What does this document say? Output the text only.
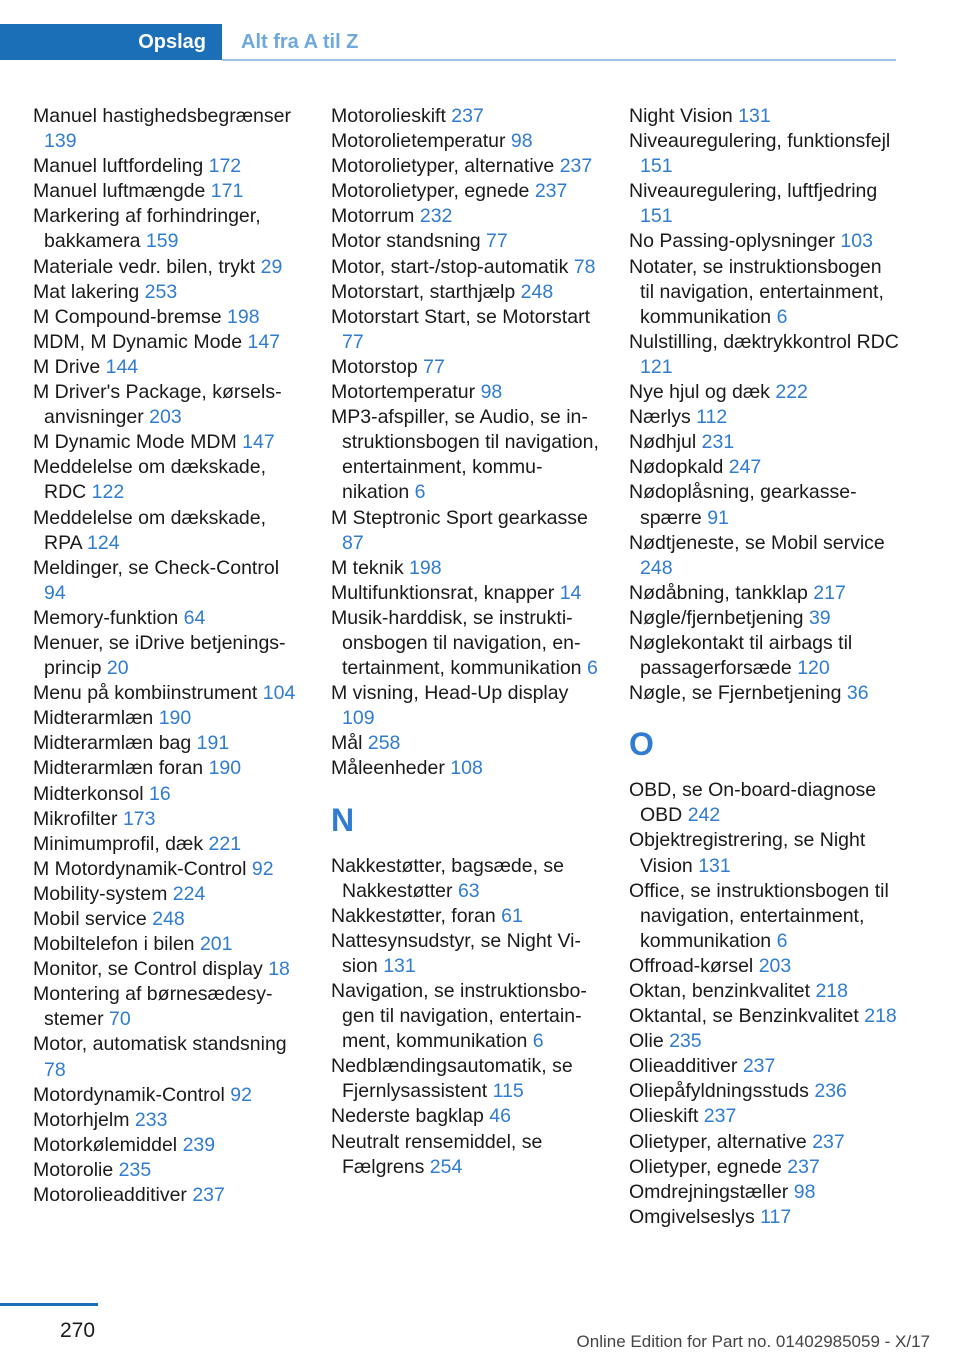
Opslag	Alt fra A til Z
Manuel hastighedsbegrænser 139
Manuel luftfordeling 172
Manuel luftmængde 171
Markering af forhindringer, bakkamera 159
Materiale vedr. bilen, trykt 29
Mat lakering 253
M Compound-bremse 198
MDM, M Dynamic Mode 147
M Drive 144
M Driver's Package, kørselsanvisninger 203
M Dynamic Mode MDM 147
Meddelelse om dækskade, RDC 122
Meddelelse om dækskade, RPA 124
Meldinger, se Check-Control 94
Memory-funktion 64
Menuer, se iDrive betjeningsprincip 20
Menu på kombiinstrument 104
Midterarmlæn 190
Midterarmlæn bag 191
Midterarmlæn foran 190
Midterkonsol 16
Mikrofilter 173
Minimumprofil, dæk 221
M Motordynamik-Control 92
Mobility-system 224
Mobil service 248
Mobiltelefon i bilen 201
Monitor, se Control display 18
Montering af børnesædesystemer 70
Motor, automatisk standsning 78
Motordynamik-Control 92
Motorhjelm 233
Motorkølemiddel 239
Motorolie 235
Motorolieadditiver 237
Motorolieskift 237
Motorolietemperatur 98
Motorolietyper, alternative 237
Motorolietyper, egnede 237
Motorrum 232
Motor standsning 77
Motor, start-/stop-automatik 78
Motorstart, starthjælp 248
Motorstart Start, se Motorstart 77
Motorstop 77
Motortemperatur 98
MP3-afspiller, se Audio, se instruktionsbogen til navigation, entertainment, kommunikation 6
M Steptronic Sport gearkasse 87
M teknik 198
Multifunktionsrat, knapper 14
Musik-harddisk, se instruktionsbogen til navigation, entertainment, kommunikation 6
M visning, Head-Up display 109
Mål 258
Måleenheder 108
N
Nakkestøtter, bagsæde, se Nakkestøtter 63
Nakkestøtter, foran 61
Nattesynsudstyr, se Night Vision 131
Navigation, se instruktionsbogen til navigation, entertainment, kommunikation 6
Nedblændingsautomatik, se Fjernlysassistent 115
Nederste bagklap 46
Neutralt rensemiddel, se Fælgrens 254
Night Vision 131
Niveauregulering, funktionsfejl 151
Niveauregulering, luftfjedring 151
No Passing-oplysninger 103
Notater, se instruktionsbogen til navigation, entertainment, kommunikation 6
Nulstilling, dæktrykkontrol RDC 121
Nye hjul og dæk 222
Nærlys 112
Nødhjul 231
Nødopkald 247
Nødoplåsning, gearkassespærre 91
Nødtjeneste, se Mobil service 248
Nødåbning, tankklap 217
Nøgle/fjernbetjening 39
Nøglekontakt til airbags til passagerforsæde 120
Nøgle, se Fjernbetjening 36
O
OBD, se On-board-diagnose OBD 242
Objektregistrering, se Night Vision 131
Office, se instruktionsbogen til navigation, entertainment, kommunikation 6
Offroad-kørsel 203
Oktan, benzinkvalitet 218
Oktantal, se Benzinkvalitet 218
Olie 235
Olieadditiver 237
Oliepåfyldningsstuds 236
Olieskift 237
Olietyper, alternative 237
Olietyper, egnede 237
Omdrejningstæller 98
Omgivelseslys 117
270	Online Edition for Part no. 01402985059 - X/17
